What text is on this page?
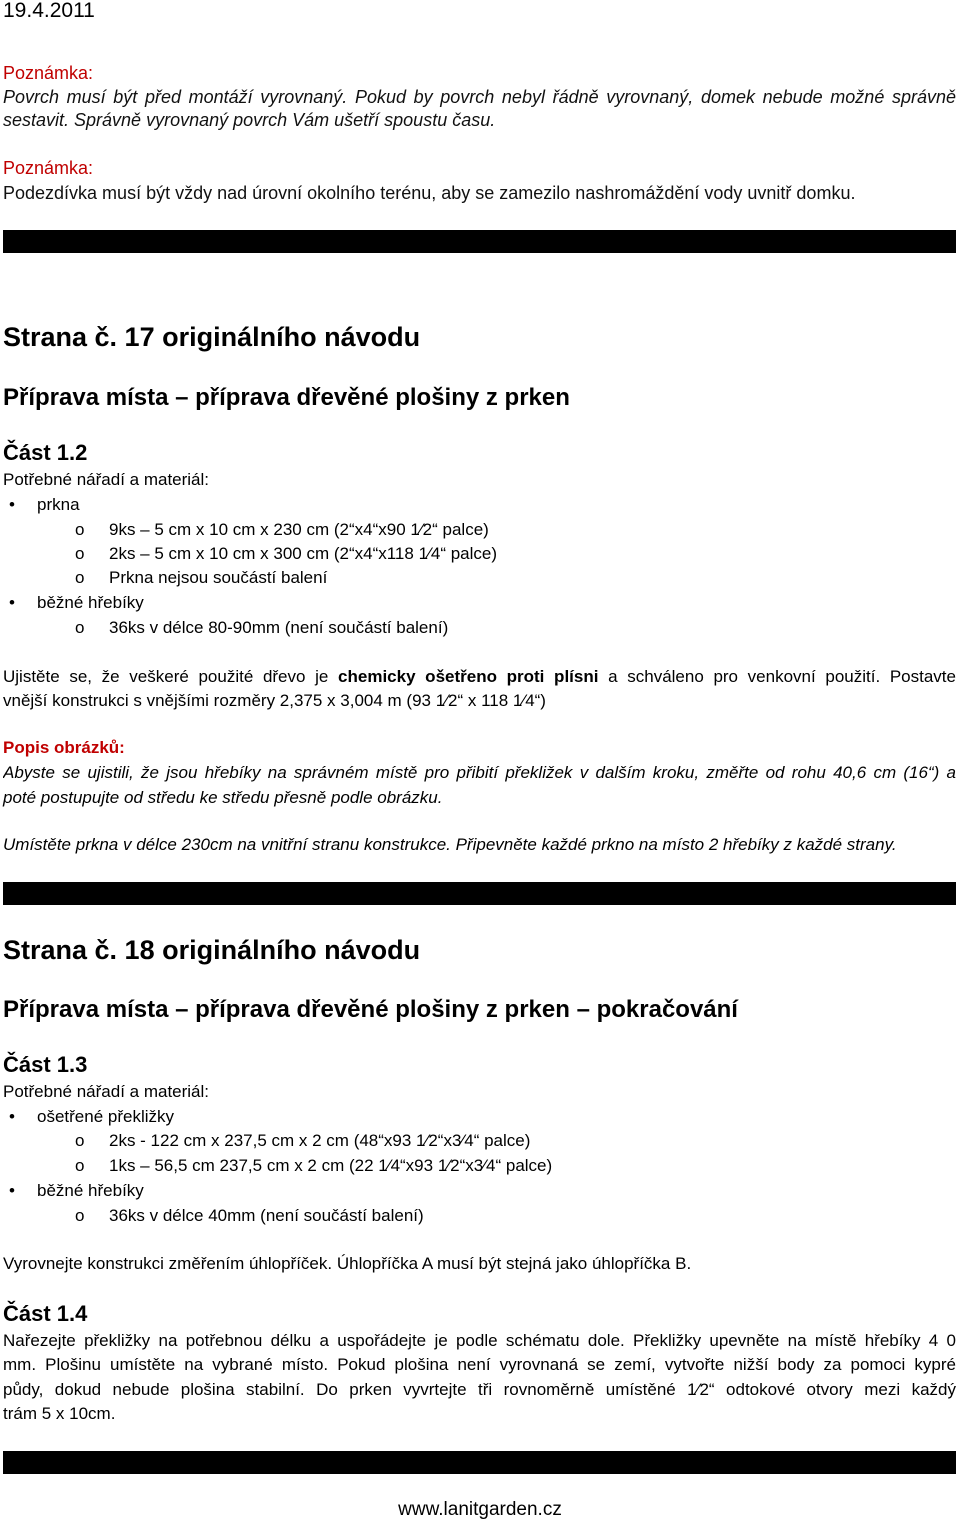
19.4.2011
Poznámka:
Povrch musí být před montáží vyrovnaný. Pokud by povrch nebyl řádně vyrovnaný, domek nebude možné správně
sestavit. Správně vyrovnaný povrch Vám ušetří spoustu času.
Poznámka:
Podezdívka musí být vždy nad úrovní okolního terénu, aby se zamezilo nashromáždění vody uvnitř domku.
Strana č. 17 originálního návodu
Příprava místa – příprava dřevěné plošiny z prken
Část 1.2
Potřebné nářadí a materiál:
• prkna
o 9ks – 5 cm x 10 cm x 230 cm (2“x4“x90 1⁄2“ palce)
o 2ks – 5 cm x 10 cm x 300 cm (2“x4“x118 1⁄4“ palce)
o Prkna nejsou součástí balení
• běžné hřebíky
o 36ks v délce 80-90mm (není součástí balení)
Ujistěte se, že veškeré použité dřevo je chemicky ošetřeno proti plísni a schváleno pro venkovní použití. Postavte
vnější konstrukci s vnějšími rozměry 2,375 x 3,004 m (93 1⁄2“ x 118 1⁄4“)
Popis obrázků:
Abyste se ujistili, že jsou hřebíky na správném místě pro přibití překližek v dalším kroku, změřte od rohu 40,6 cm (16“) a
poté postupujte od středu ke středu přesně podle obrázku.
Umístěte prkna v délce 230cm na vnitřní stranu konstrukce. Připevněte každé prkno na místo 2 hřebíky z každé strany.
Strana č. 18 originálního návodu
Příprava místa – příprava dřevěné plošiny z prken – pokračování
Část 1.3
Potřebné nářadí a materiál:
• ošetřené překližky
o 2ks - 122 cm x 237,5 cm x 2 cm (48“x93 1⁄2“x3⁄4“ palce)
o 1ks – 56,5 cm 237,5 cm x 2 cm (22 1⁄4“x93 1⁄2“x3⁄4“ palce)
• běžné hřebíky
o 36ks v délce 40mm (není součástí balení)
Vyrovnejte konstrukci změřením úhlopříček. Úhlopříčka A musí být stejná jako úhlopříčka B.
Část 1.4
Nařezejte překližky na potřebnou délku a uspořádejte je podle schématu dole. Překližky upevněte na místě hřebíky 4 0
mm. Plošinu umístěte na vybrané místo. Pokud plošina není vyrovnaná se zemí, vytvořte nižší body za pomoci kypré
půdy, dokud nebude plošina stabilní. Do prken vyvrtejte tři rovnoměrně umístěné 1⁄2“ odtokové otvory mezi každý
trám 5 x 10cm.
www.lanitgarden.cz
